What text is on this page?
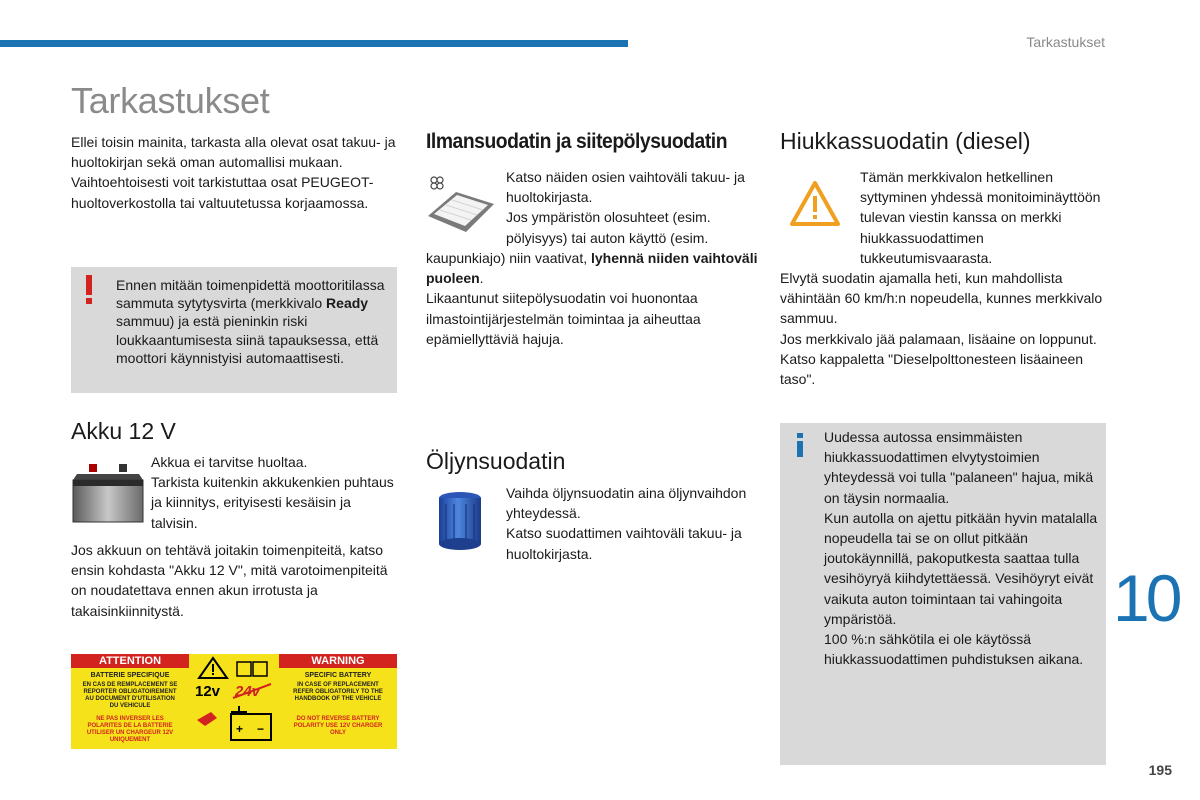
Tarkastukset
Tarkastukset

Ellei toisin mainita, tarkasta alla olevat osat takuu- ja huoltokirjan sekä oman automallisi mukaan.

Vaihtoehtoisesti voit tarkistuttaa osat PEUGEOT-huoltoverkostolla tai valtuutetussa korjaamossa.

Ennen mitään toimenpidettä moottoritilassa sammuta sytytysvirta (merkkivalo Ready sammuu) ja estä pieninkin riski loukkaantumisesta siinä tapauksessa, että moottori käynnistyisi automaattisesti.
Akku 12 V
Akkua ei tarvitse huoltaa.
Tarkista kuitenkin akkukenkien puhtaus ja kiinnitys, erityisesti kesäisin ja talvisin.
Jos akkuun on tehtävä joitakin toimenpiteitä, katso ensin kohdasta "Akku 12 V", mitä varotoimenpiteitä on noudatettava ennen akun irrotusta ja takaisinkiinnitystä.
ATTENTION	WARNING
BATTERIE SPECIFIQUE
EN CAS DE REMPLACEMENT SE REPORTER OBLIGATOIREMENT AU DOCUMENT D'UTILISATION DU VEHICULE
NE PAS INVERSER LES POLARITES DE LA BATTERIE UTILISER UN CHARGEUR 12V UNIQUEMENT
SPECIFIC BATTERY
IN CASE OF REPLACEMENT REFER OBLIGATORILY TO THE HANDBOOK OF THE VEHICLE
DO NOT REVERSE BATTERY POLARITY USE 12V CHARGER ONLY
12v 24v
+ −
Ilmansuodatin ja siitepölysuodatin
Katso näiden osien vaihtoväli takuu- ja huoltokirjasta.
Jos ympäristön olosuhteet (esim. pölyisyys) tai auton käyttö (esim.
kaupunkiajo) niin vaativat, lyhennä niiden vaihtoväli puoleen.
Likaantunut siitepölysuodatin voi huonontaa ilmastointijärjestelmän toimintaa ja aiheuttaa epämiellyttäviä hajuja.
Öljynsuodatin
Vaihda öljynsuodatin aina öljynvaihdon yhteydessä.
Katso suodattimen vaihtoväli takuu- ja huoltokirjasta.
Hiukkassuodatin (diesel)
Tämän merkkivalon hetkellinen syttyminen yhdessä monitoiminäyttöön tulevan viestin kanssa on merkki hiukkassuodattimen tukkeutumisvaarasta.
Elvytä suodatin ajamalla heti, kun mahdollista vähintään 60 km/h:n nopeudella, kunnes merkkivalo sammuu.
Jos merkkivalo jää palamaan, lisäaine on loppunut. Katso kappaletta "Dieselpolttonesteen lisäaineen taso".
Uudessa autossa ensimmäisten hiukkassuodattimen elvytystoimien yhteydessä voi tulla "palaneen" hajua, mikä on täysin normaalia.
Kun autolla on ajettu pitkään hyvin matalalla nopeudella tai se on ollut pitkään joutokäynnillä, pakoputkesta saattaa tulla vesihöyryä kiihdytettäessä. Vesihöyryt eivät vaikuta auton toimintaan tai vahingoita ympäristöä.
100 %:n sähkötila ei ole käytössä hiukkassuodattimen puhdistuksen aikana.
10
195
